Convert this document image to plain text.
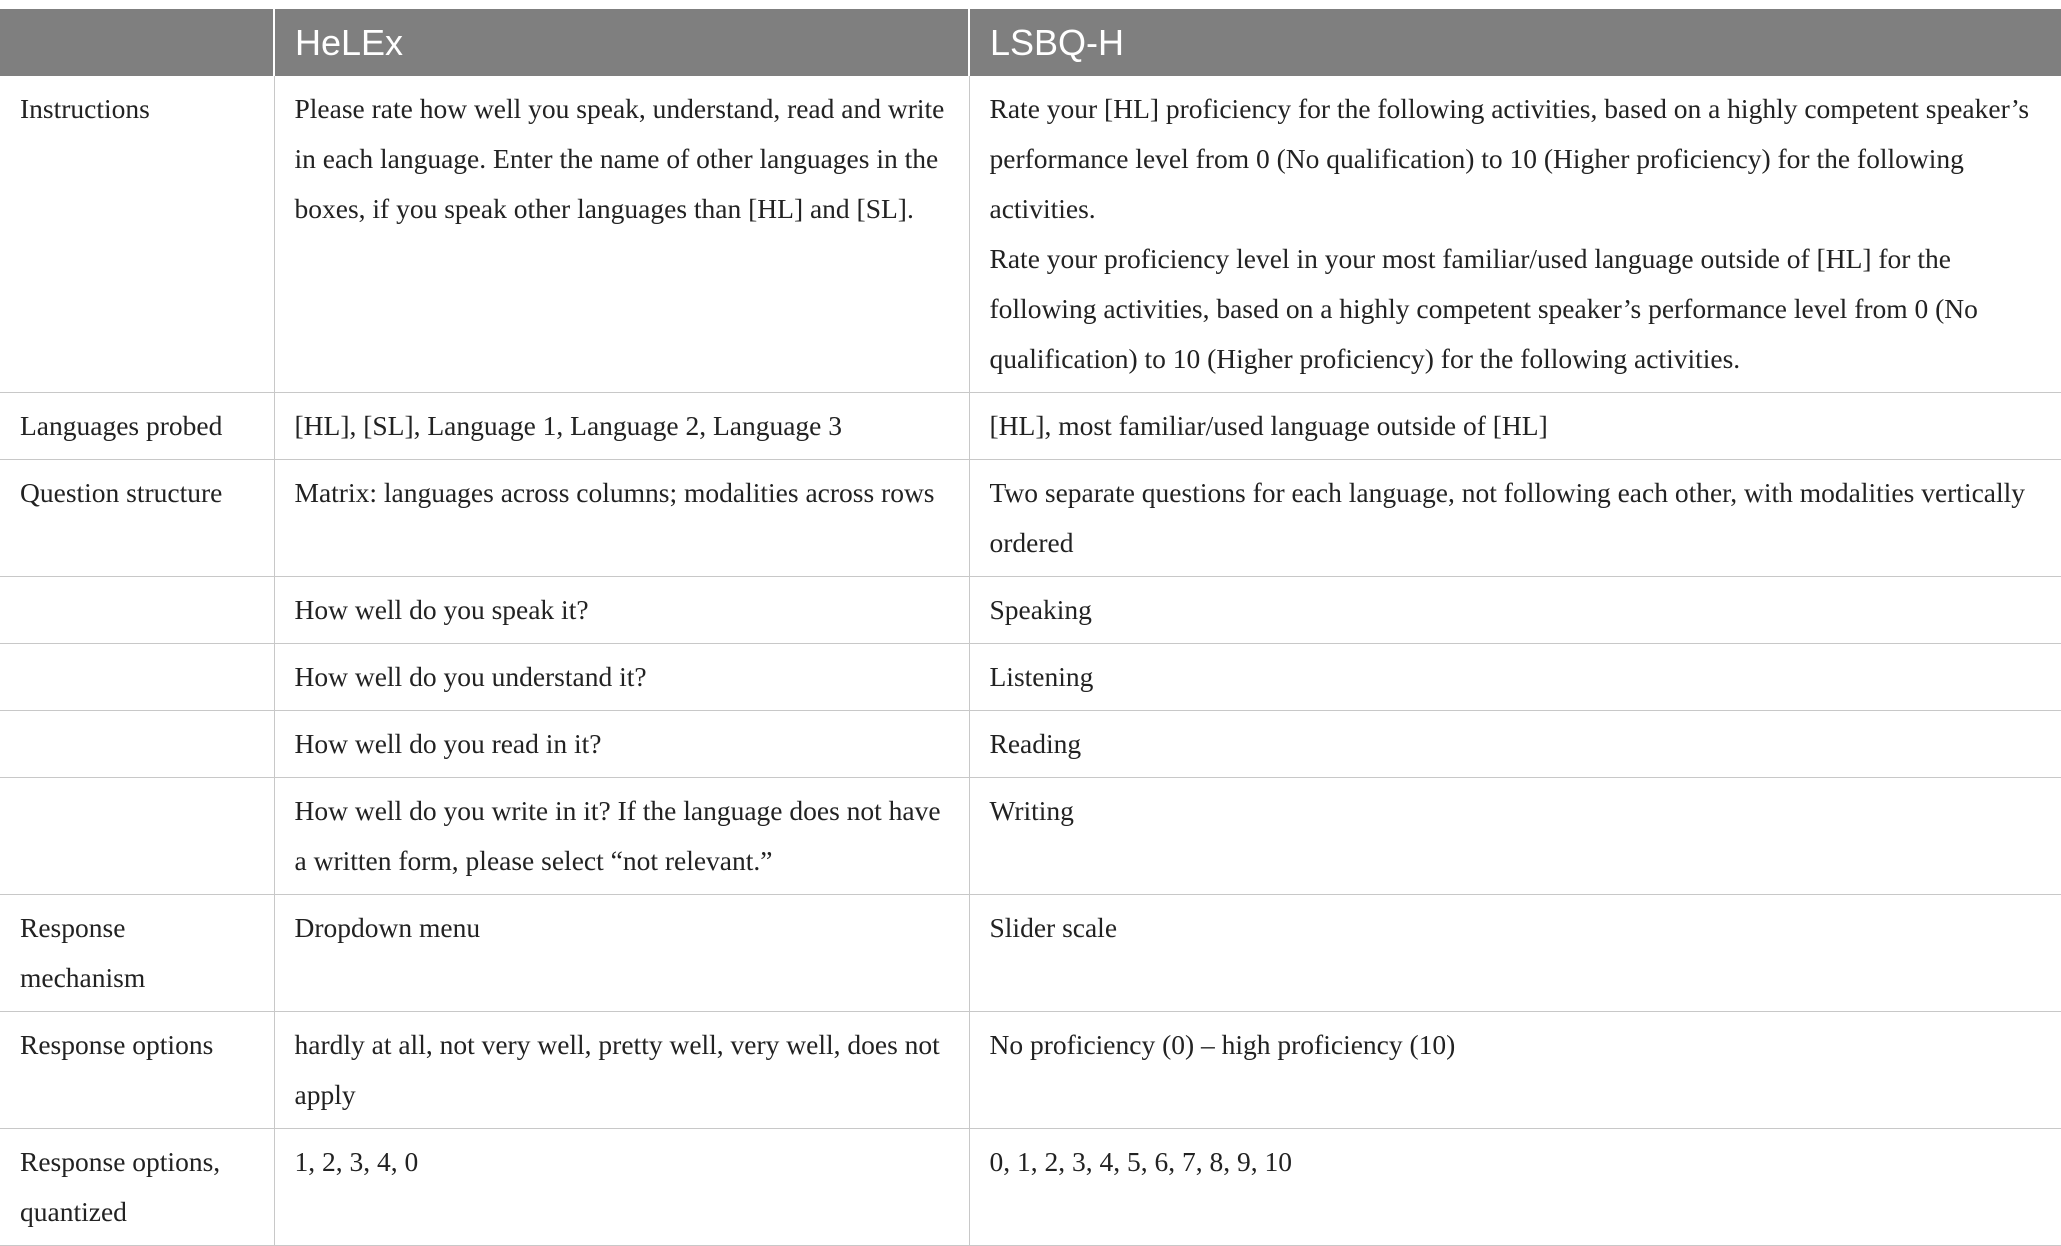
	HeLEx	LSBQ-H
Instructions	Please rate how well you speak, understand, read and write in each language. Enter the name of other languages in the boxes, if you speak other languages than [HL] and [SL].	Rate your [HL] proficiency for the following activities, based on a highly competent speaker’s performance level from 0 (No qualification) to 10 (Higher proficiency) for the following activities.
Rate your proficiency level in your most familiar/used language outside of [HL] for the following activities, based on a highly competent speaker’s performance level from 0 (No qualification) to 10 (Higher proficiency) for the following activities.

Languages probed	[HL], [SL], Language 1, Language 2, Language 3	[HL], most familiar/used language outside of [HL]
Question structure	Matrix: languages across columns; modalities across rows	Two separate questions for each language, not following each other, with modalities vertically ordered
	How well do you speak it?	Speaking
	How well do you understand it?	Listening
	How well do you read in it?	Reading
	How well do you write in it? If the language does not have a written form, please select “not relevant.”	Writing
Response mechanism	Dropdown menu	Slider scale
Response options	hardly at all, not very well, pretty well, very well, does not apply	No proficiency (0) – high proficiency (10)
Response options, quantized	1, 2, 3, 4, 0	0, 1, 2, 3, 4, 5, 6, 7, 8, 9, 10
